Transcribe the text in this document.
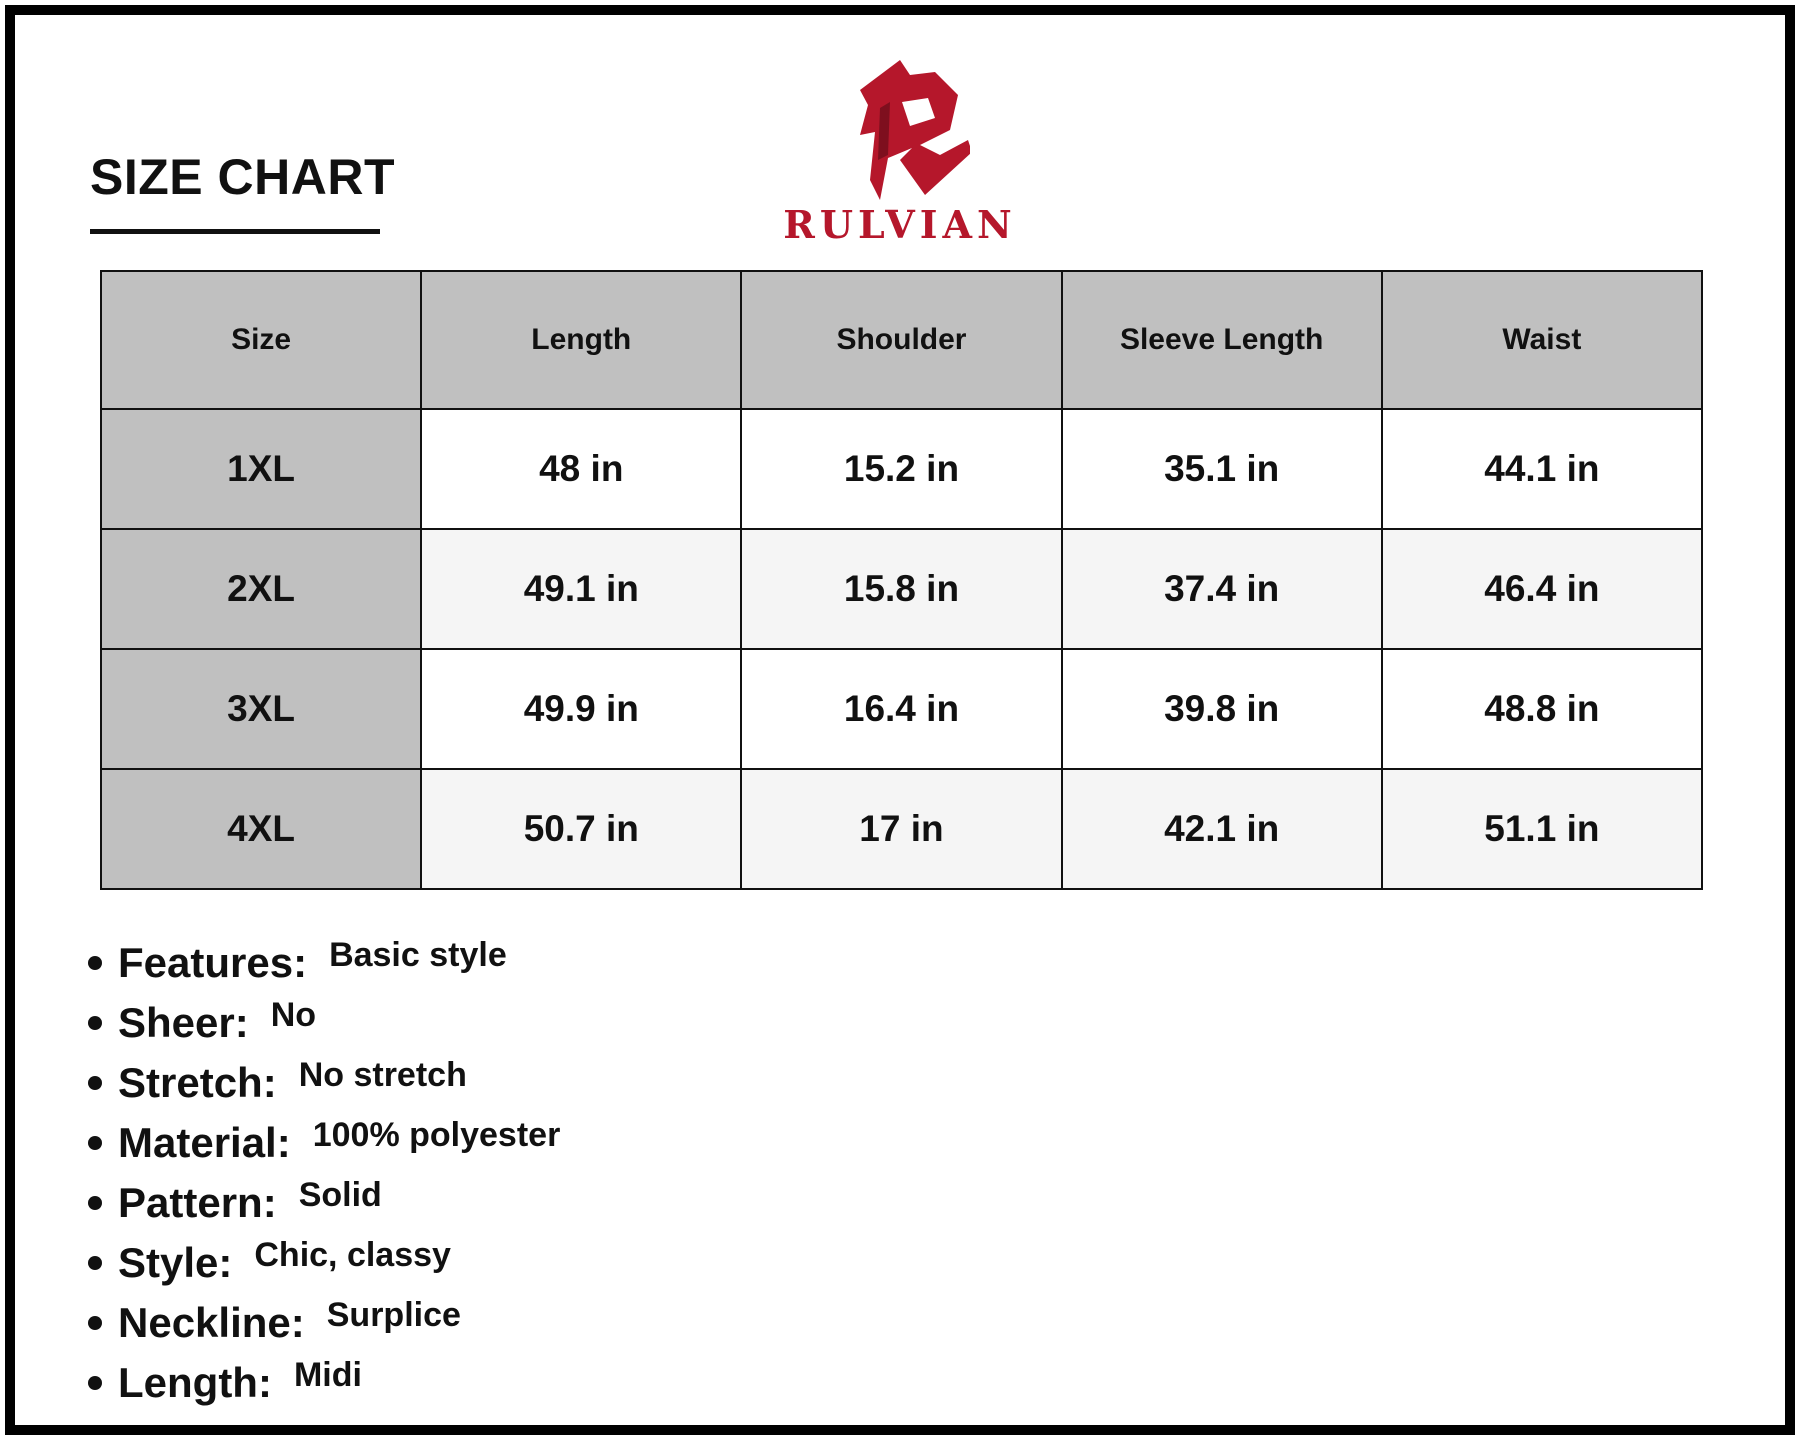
SIZE CHART
RULVIAN
Size	Length	Shoulder	Sleeve Length	Waist
1XL	48 in	15.2 in	35.1 in	44.1 in
2XL	49.1 in	15.8 in	37.4 in	46.4 in
3XL	49.9 in	16.4 in	39.8 in	48.8 in
4XL	50.7 in	17 in	42.1 in	51.1 in
Features: Basic style
Sheer: No
Stretch: No stretch
Material: 100% polyester
Pattern: Solid
Style: Chic, classy
Neckline: Surplice
Length: Midi
